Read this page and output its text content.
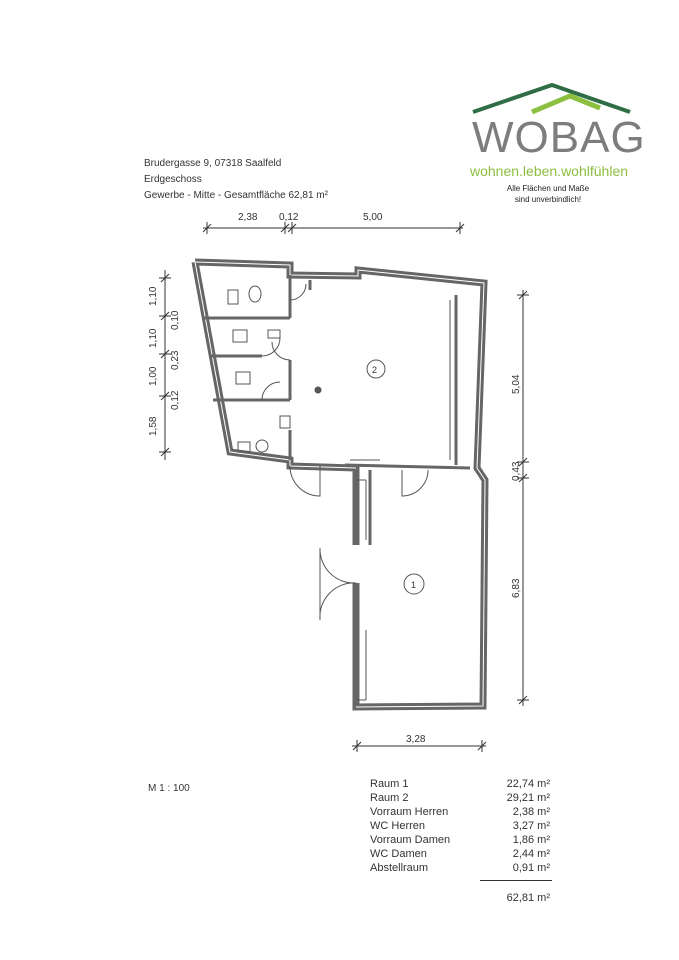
WOBAG
wohnen.leben.wohlfühlen
Alle Flächen und Maße
sind unverbindlich!
Brudergasse 9, 07318 Saalfeld
Erdgeschoss
Gewerbe - Mitte - Gesamtfläche 62,81 m²
2,38 0,12	5,00
1,10
1,10
0,10
1,00
0,23
1,58
0,12
5,04
0,43
6,83
3,28
2
1
M 1 : 100	Raum 1	22,74 m²
Raum 2	29,21 m²
Vorraum Herren	2,38 m²
WC Herren	3,27 m²
Vorraum Damen	1,86 m²
WC Damen	2,44 m²
Abstellraum	0,91 m²
62,81 m²
